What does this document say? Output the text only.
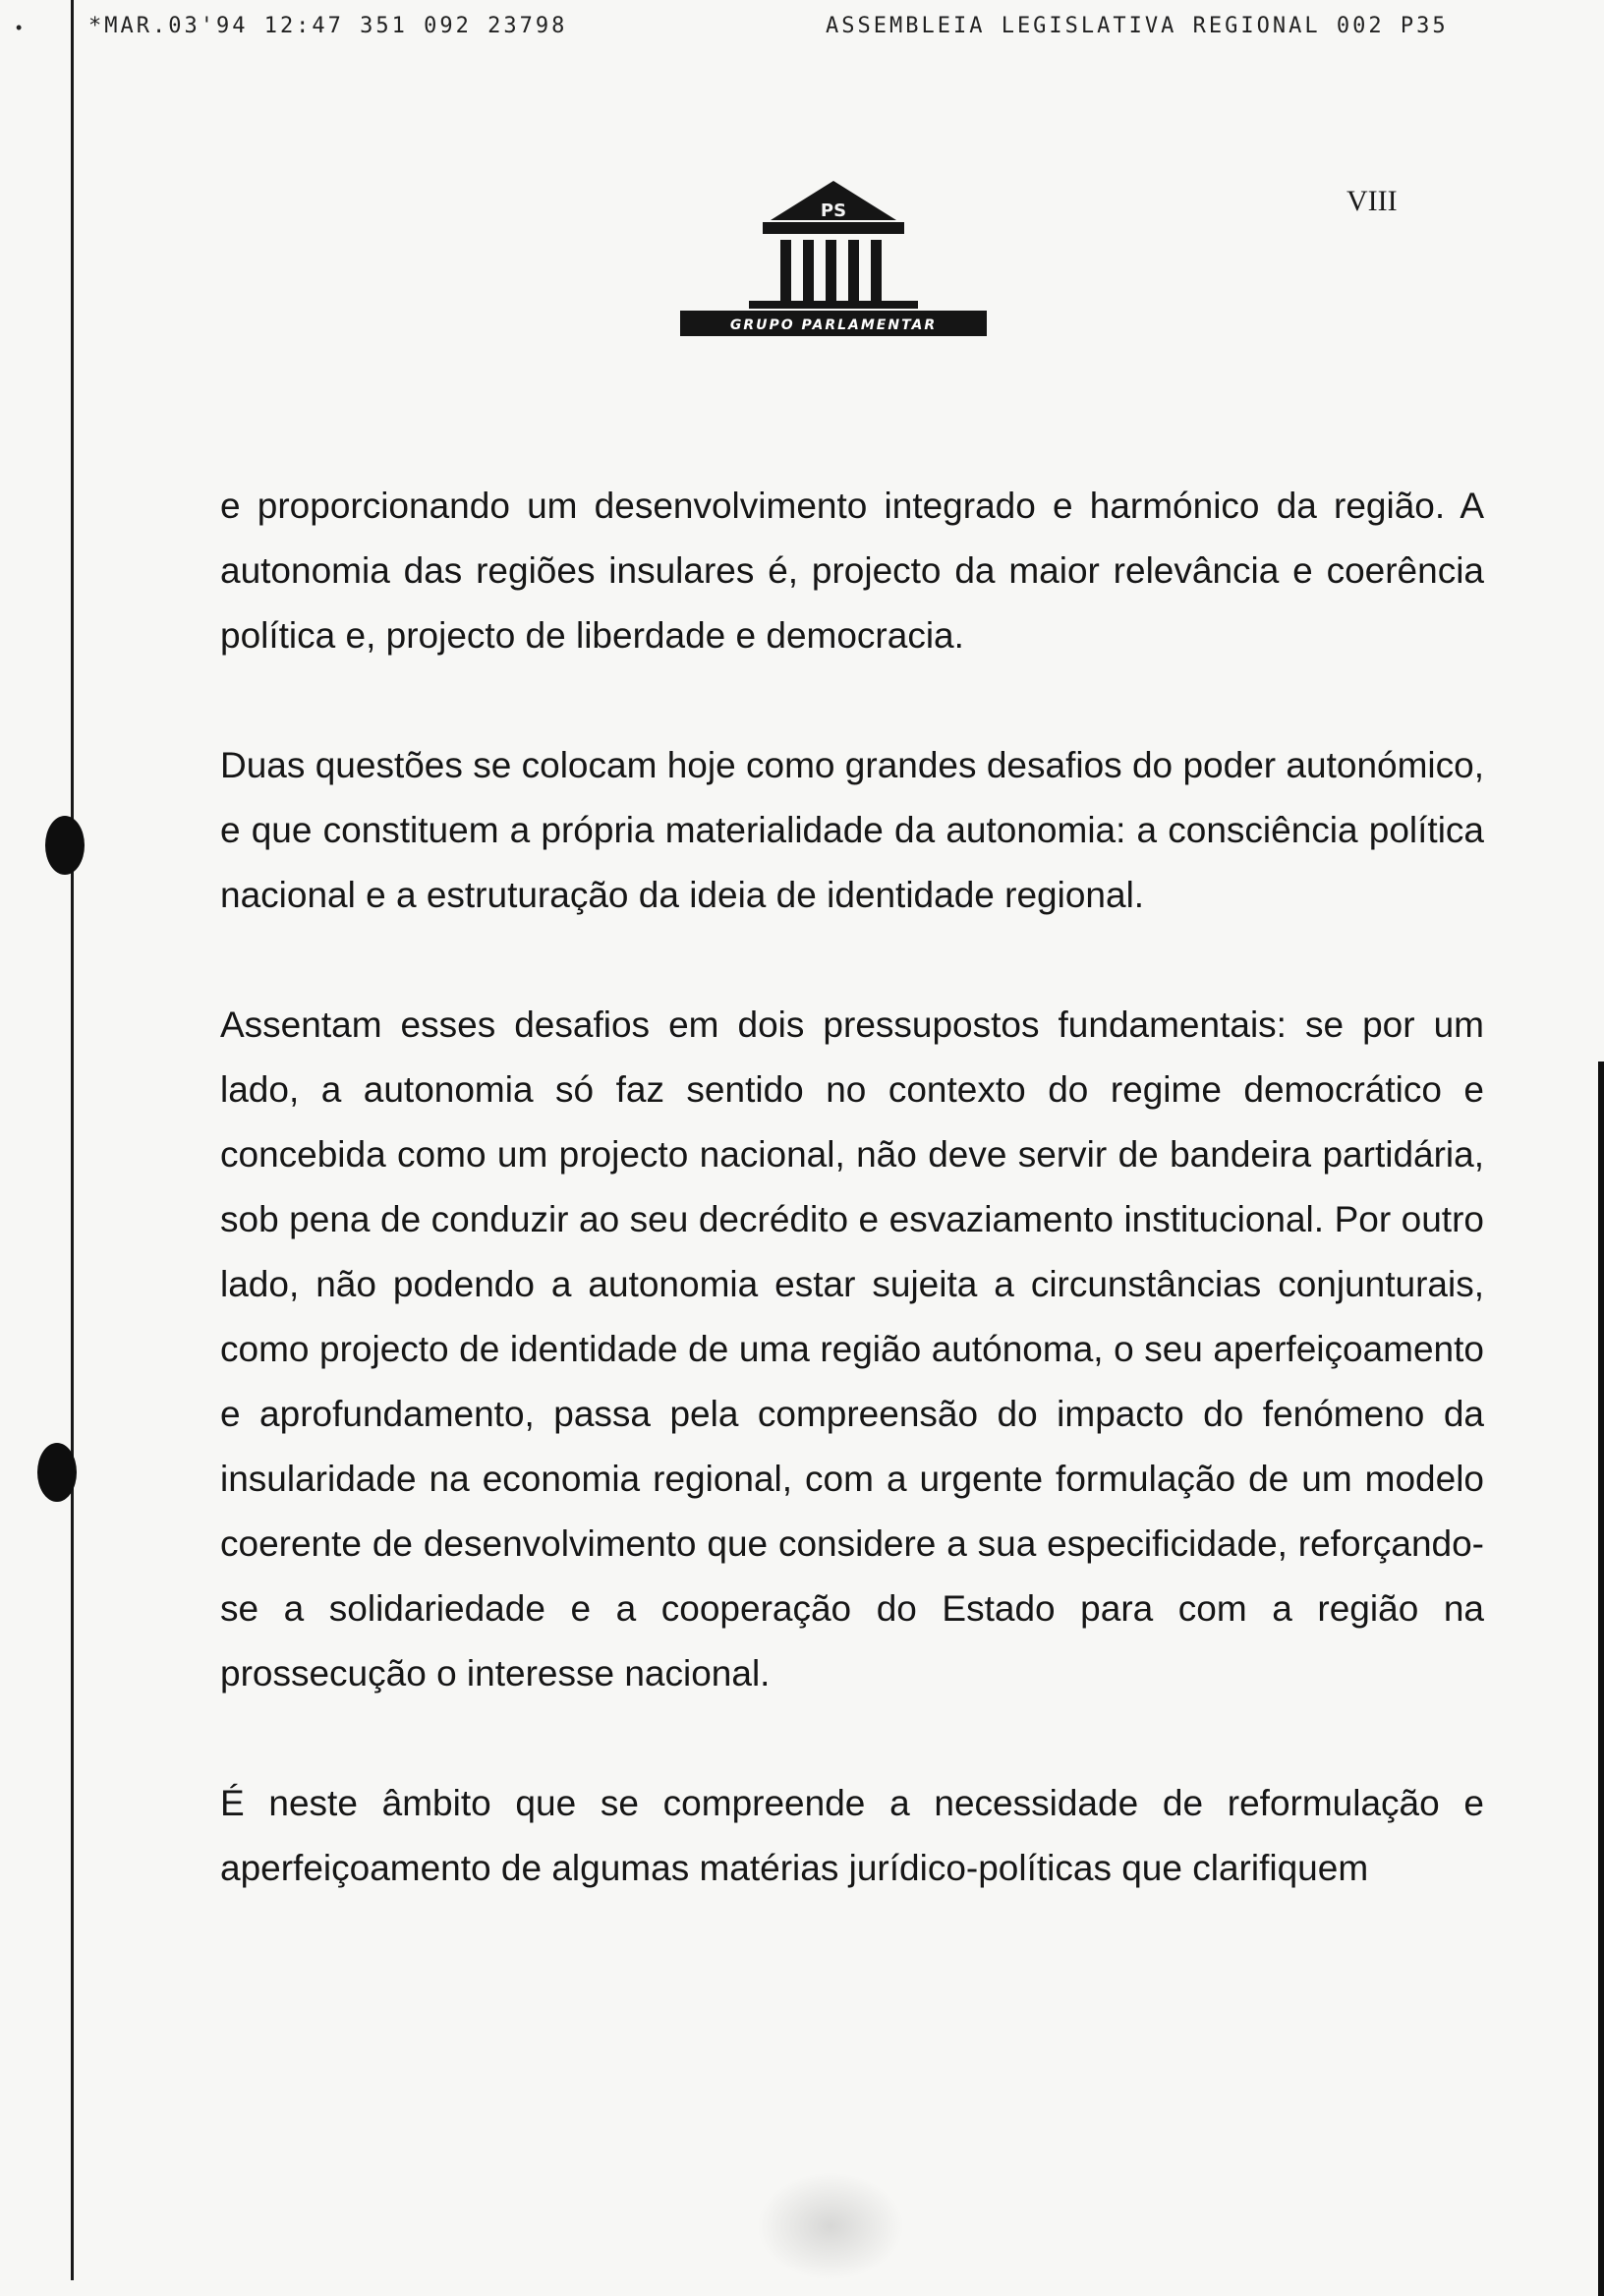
•	*MAR.03'94 12:47 351 092 23798	ASSEMBLEIA LEGISLATIVA REGIONAL 002 P35
PS
GRUPO PARLAMENTAR
VIII

e proporcionando um desenvolvimento integrado e harmónico da região. A autonomia das regiões insulares é, projecto da maior relevância e coerência política e, projecto de liberdade e democracia.

Duas questões se colocam hoje como grandes desafios do poder autonómico, e que constituem a própria materialidade da autonomia: a consciência política nacional e a estruturação da ideia de identidade regional.

Assentam esses desafios em dois pressupostos fundamentais: se por um lado, a autonomia só faz sentido no contexto do regime democrático e concebida como um projecto nacional, não deve servir de bandeira partidária, sob pena de conduzir ao seu decrédito e esvaziamento institucional. Por outro lado, não podendo a autonomia estar sujeita a circunstâncias conjunturais, como projecto de identidade de uma região autónoma, o seu aperfeiçoamento e aprofundamento, passa pela compreensão do impacto do fenómeno da insularidade na economia regional, com a urgente formulação de um modelo coerente de desenvolvimento que considere a sua especificidade, reforçando-se a solidariedade e a cooperação do Estado para com a região na prossecução o interesse nacional.

É neste âmbito que se compreende a necessidade de reformulação e aperfeiçoamento de algumas matérias jurídico-políticas que clarifiquem
